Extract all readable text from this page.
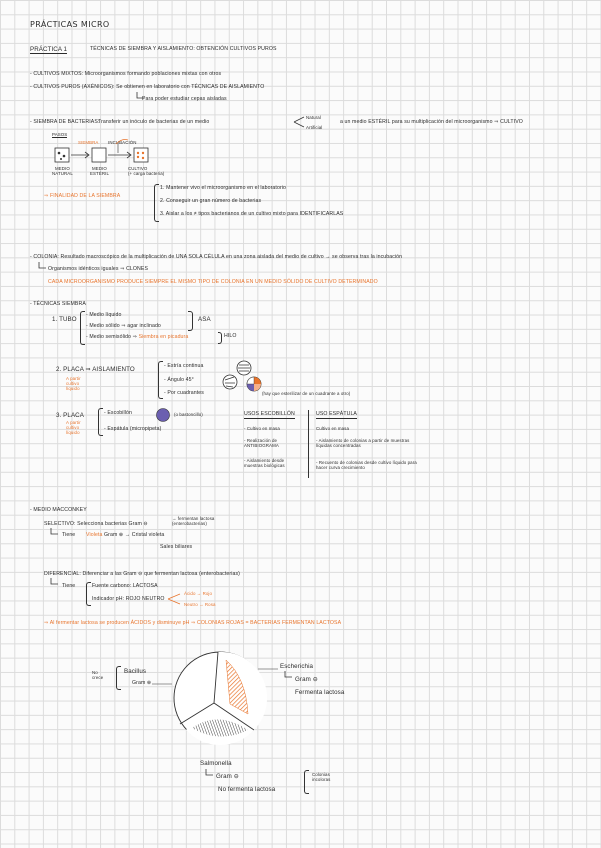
PRÁCTICAS MICRO
PRÁCTICA 1	TÉCNICAS DE SIEMBRA Y AISLAMIENTO: OBTENCIÓN CULTIVOS PUROS
- CULTIVOS MIXTOS: Microorganismos formando poblaciones mixtas con otros
- CULTIVOS PUROS (AXÉNICOS): Se obtienen en laboratorio con TÉCNICAS DE AISLAMIENTO
Para poder estudiar cepas aisladas
- SIEMBRA DE BACTERIAS:
Transferir un inóculo de bacterias de un medio
Natural
Artificial
a un medio ESTÉRIL para su multiplicación del microorganismo ⇒ CULTIVO
PASOS
SIEMBRA INCUBACIÓN
MEDIO
NATURAL
MEDIO
ESTÉRIL
CULTIVO
(+ carga bacteria)
⇒ FINALIDAD DE LA SIEMBRA
1. Mantener vivo el microorganismo en el laboratorio
2. Conseguir un gran número de bacterias
3. Aislar a los ≠ tipos bacterianos de un cultivo mixto para IDENTIFICARLAS
- COLONIA: Resultado macroscópico de la multiplicación de UNA SOLA CÉLULA en una zona aislada del medio de cultivo → se observa tras la incubación
Organismos idénticos iguales ⇒ CLONES
CADA MICROORGANISMO PRODUCE SIEMPRE EL MISMO TIPO DE COLONIA EN UN MEDIO SÓLIDO DE CULTIVO DETERMINADO
- TÉCNICAS SIEMBRA
1. TUBO
- Medio líquido
- Medio sólido ⇒ agar inclinado
- Medio semisólido ⇒ Siembra en picadura
ASA
HILO
2. PLACA ⇒ AISLAMIENTO
A partir
cultivo
líquido
- Estría continua
- Ángulo 45°
- Por cuadrantes	(hay que esterilizar de un cuadrante a otro)
3. PLACA
A partir
cultivo
líquido
- Escobillón
- Espátula (micropipeta)
(o bastoncillo)	USOS ESCOBILLÓN
- Cultivo en masa
- Realización de ANTIBIOGRAMA
- Aislamiento desde muestras biológicas
USO ESPÁTULA
Cultivo en masa
- Aislamiento de colonias a partir de muestras líquidas concentradas
- Recuento de colonias desde cultivo líquido para hacer curva crecimiento
- MEDIO MACCONKEY
SELECTIVO: Selecciona bacterias Gram ⊖
→ fermentan lactosa
(enterobacterias)
Tiene Violeta Gram ⊕ → Cristal violeta
Sales biliares
DIFERENCIAL: Diferenciar a las Gram ⊖ que fermentan lactosa (enterobacterias)
Tiene	Fuente carbono: LACTOSA
Indicador pH: ROJO NEUTRO
Ácido → Rojo
Neutro → Rosa
⇒ Al fermentar lactosa se producen ÁCIDOS y disminuye pH ⇒ COLONIAS ROJAS = BACTERIAS FERMENTAN LACTOSA
No
crece
Bacillus
Gram ⊕
Escherichia
Gram ⊖
Fermenta lactosa
Salmonella
Gram ⊖
No fermenta lactosa
Colonias
incoloras
